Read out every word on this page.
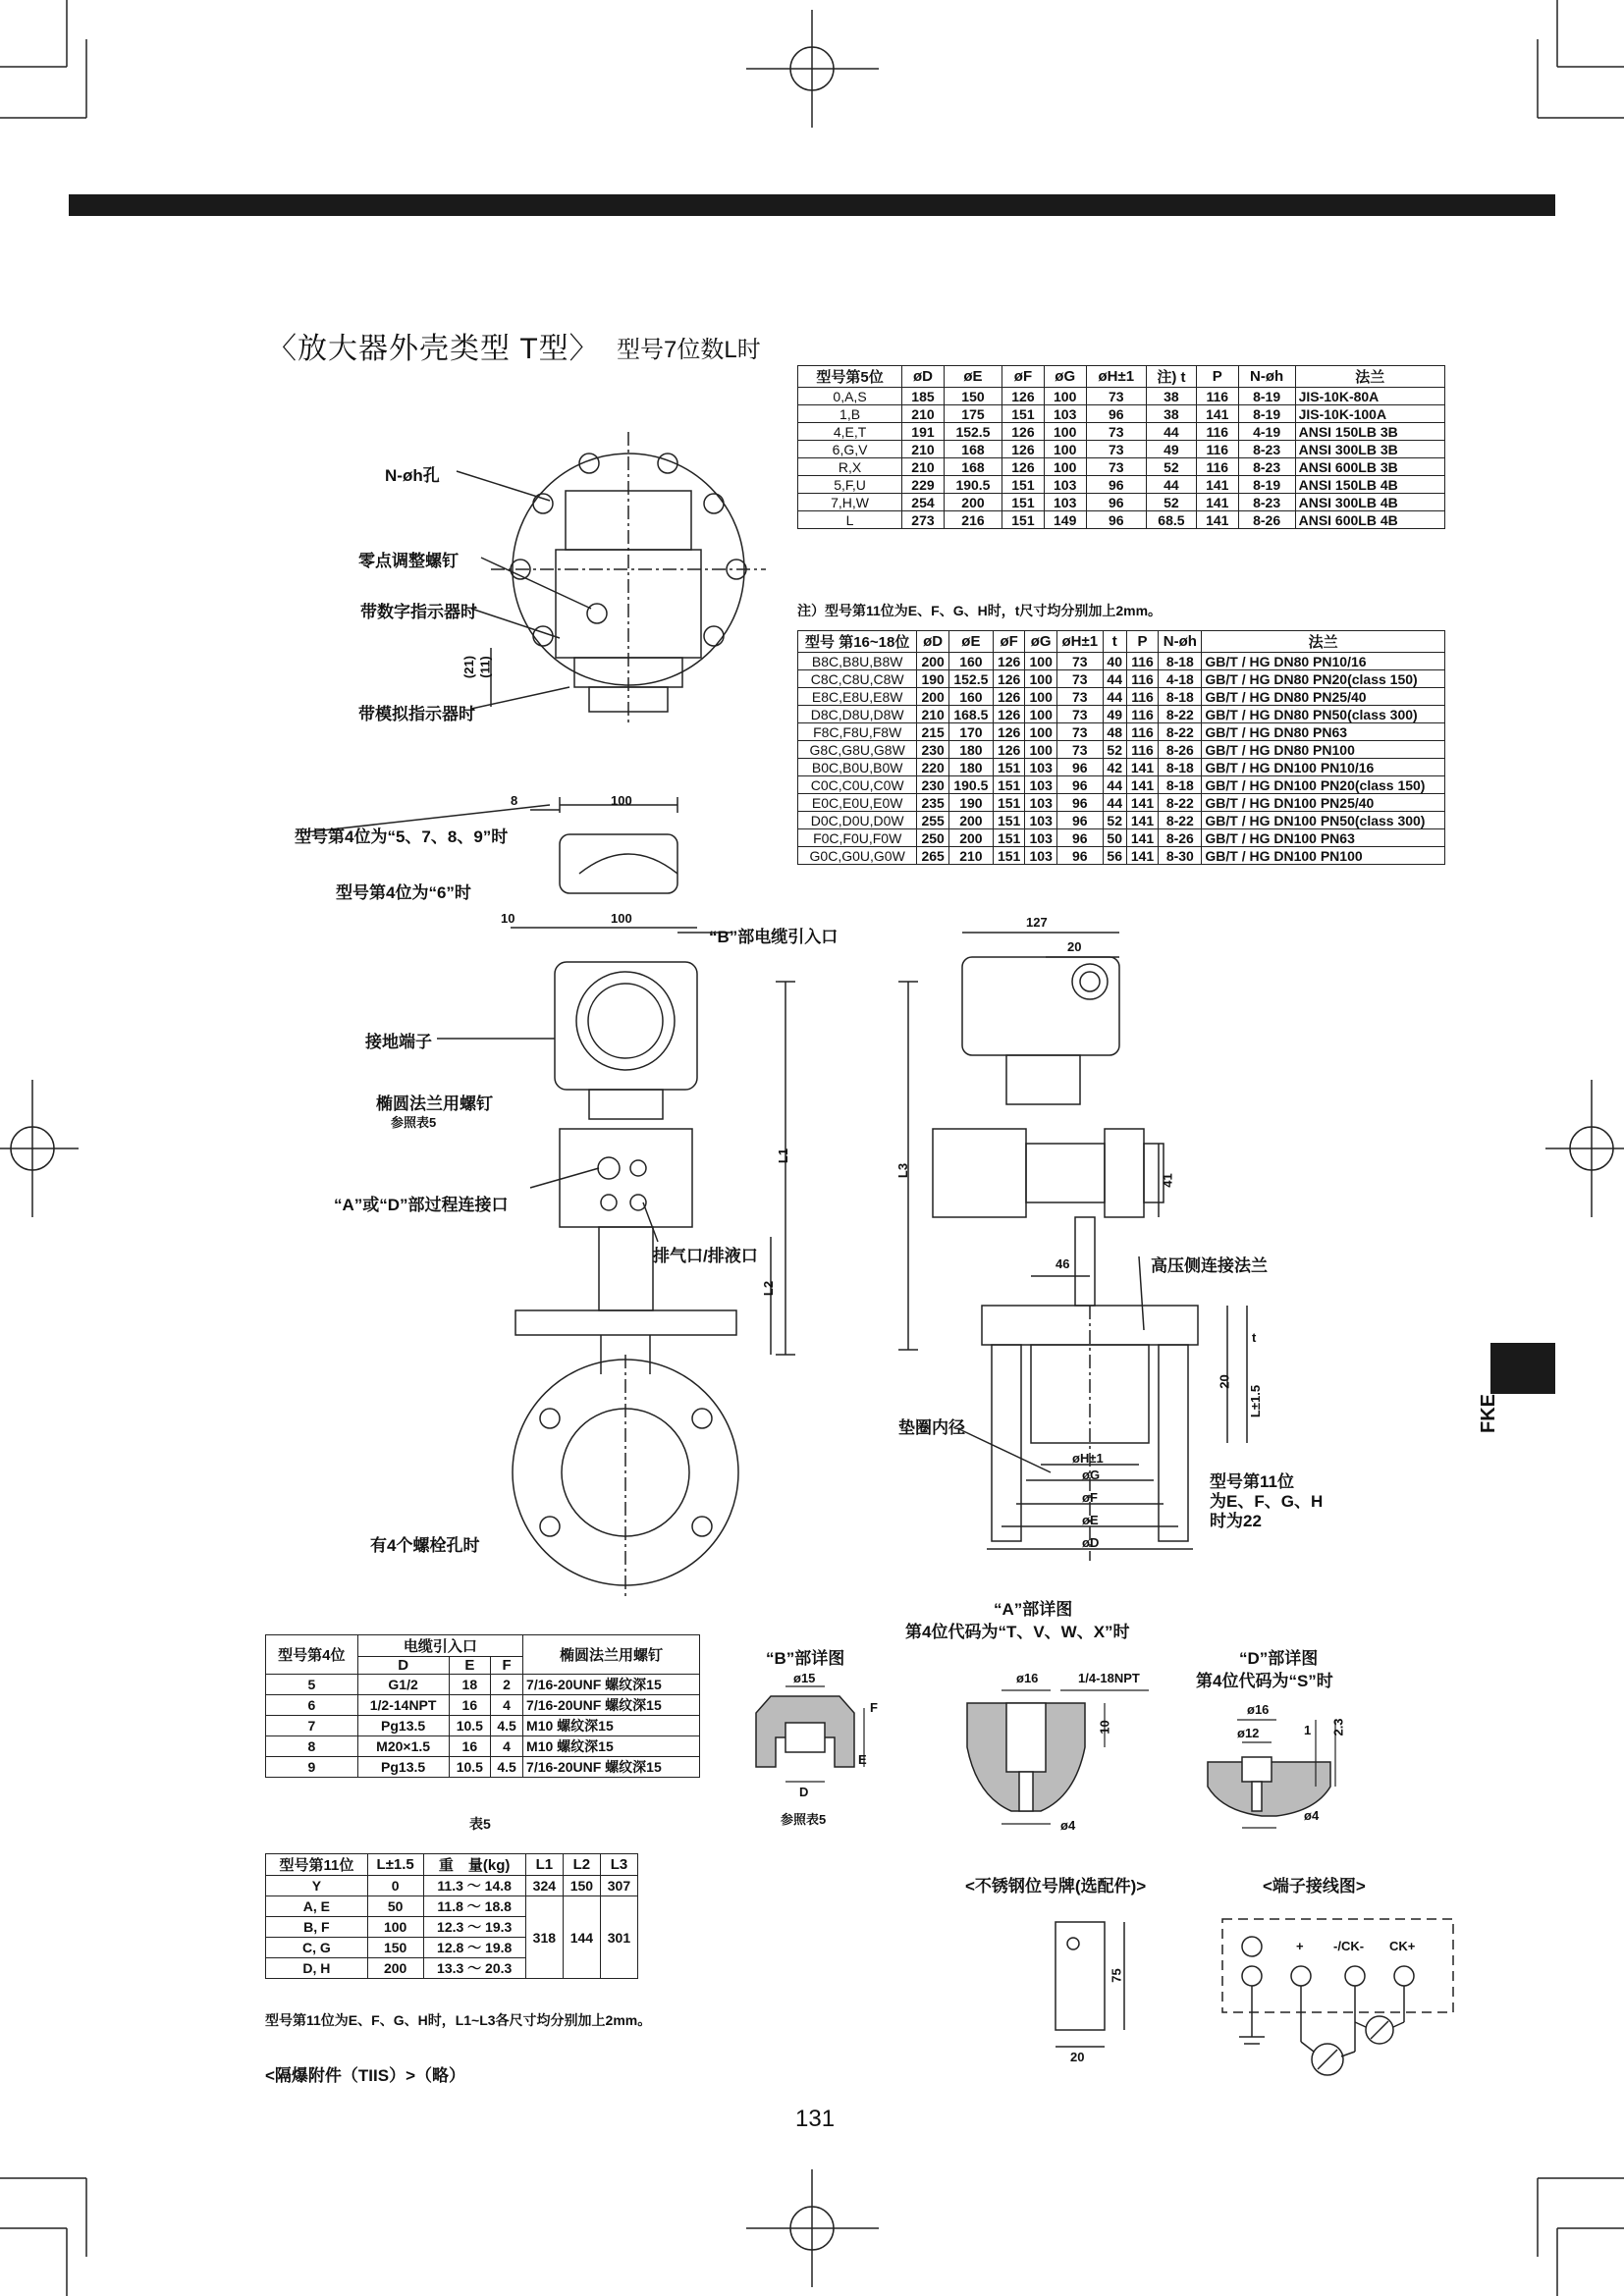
〈放大器外壳类型 T型〉 型号7位数L时
型号第5位	øD	øE	øF	øG	øH±1	注) t	P	N-øh	法兰
0,A,S	185	150	126	100	73	38	116	8-19	JIS-10K-80A
1,B	210	175	151	103	96	38	141	8-19	JIS-10K-100A
4,E,T	191	152.5	126	100	73	44	116	4-19	ANSI 150LB 3B
6,G,V	210	168	126	100	73	49	116	8-23	ANSI 300LB 3B
R,X	210	168	126	100	73	52	116	8-23	ANSI 600LB 3B
5,F,U	229	190.5	151	103	96	44	141	8-19	ANSI 150LB 4B
7,H,W	254	200	151	103	96	52	141	8-23	ANSI 300LB 4B
L	273	216	151	149	96	68.5	141	8-26	ANSI 600LB 4B
注）型号第11位为E、F、G、H时，t尺寸均分别加上2mm。
型号 第16~18位	øD	øE	øF	øG	øH±1	t	P	N-øh	法兰
B8C,B8U,B8W	200	160	126	100	73	40	116	8-18	GB/T / HG DN80 PN10/16
C8C,C8U,C8W	190	152.5	126	100	73	44	116	4-18	GB/T / HG DN80 PN20(class 150)
E8C,E8U,E8W	200	160	126	100	73	44	116	8-18	GB/T / HG DN80 PN25/40
D8C,D8U,D8W	210	168.5	126	100	73	49	116	8-22	GB/T / HG DN80 PN50(class 300)
F8C,F8U,F8W	215	170	126	100	73	48	116	8-22	GB/T / HG DN80 PN63
G8C,G8U,G8W	230	180	126	100	73	52	116	8-26	GB/T / HG DN80 PN100
B0C,B0U,B0W	220	180	151	103	96	42	141	8-18	GB/T / HG DN100 PN10/16
C0C,C0U,C0W	230	190.5	151	103	96	44	141	8-18	GB/T / HG DN100 PN20(class 150)
E0C,E0U,E0W	235	190	151	103	96	44	141	8-22	GB/T / HG DN100 PN25/40
D0C,D0U,D0W	255	200	151	103	96	52	141	8-22	GB/T / HG DN100 PN50(class 300)
F0C,F0U,F0W	250	200	151	103	96	50	141	8-26	GB/T / HG DN100 PN63
G0C,G0U,G0W	265	210	151	103	96	56	141	8-30	GB/T / HG DN100 PN100
N-øh孔
零点调整螺钉
带数字指示器时
带模拟指示器时
(21) (11)
型号第4位为“5、7、8、9”时
型号第4位为“6”时
8	100
10	100
“B”部电缆引入口
接地端子
椭圆法兰用螺钉
参照表5
“A”或“D”部过程连接口
排气口/排液口
L1
L2
有4个螺栓孔时
127
20
L3
41
46	高压侧连接法兰
t
20
L±1.5
垫圈内径
øH±1
øG
øF
øE
øD
型号第11位
为E、F、G、H
时为22
型号第4位	电缆引入口			椭圆法兰用螺钉
	D	E	F	
5	G1/2	18	2	7/16-20UNF 螺纹深15
6	1/2-14NPT	16	4	7/16-20UNF 螺纹深15
7	Pg13.5	10.5	4.5	M10 螺纹深15
8	M20×1.5	16	4	M10 螺纹深15
9	Pg13.5	10.5	4.5	7/16-20UNF 螺纹深15
表5
型号第11位	L±1.5	重　量(kg)	L1	L2	L3
Y	0	11.3 ～ 14.8	324	150	307
A, E	50	11.8 ～ 18.8	318	144	301
B, F	100	12.3 ～ 19.3			
C, G	150	12.8 ～ 19.8			
D, H	200	13.3 ～ 20.3			
型号第11位为E、F、G、H时，L1~L3各尺寸均分别加上2mm。
<隔爆附件（TIIS）>（略）
“B”部详图
ø15
F
E
D
参照表5
“A”部详图
第4位代码为“T、V、W、X”时
ø16	1/4-18NPT
10
ø4
“D”部详图
第4位代码为“S”时
ø16
ø12	1 2.3
ø4
<不锈钢位号牌(选配件)>
75
20
<端子接线图>
+ -/CK- CK+
FKE
131
